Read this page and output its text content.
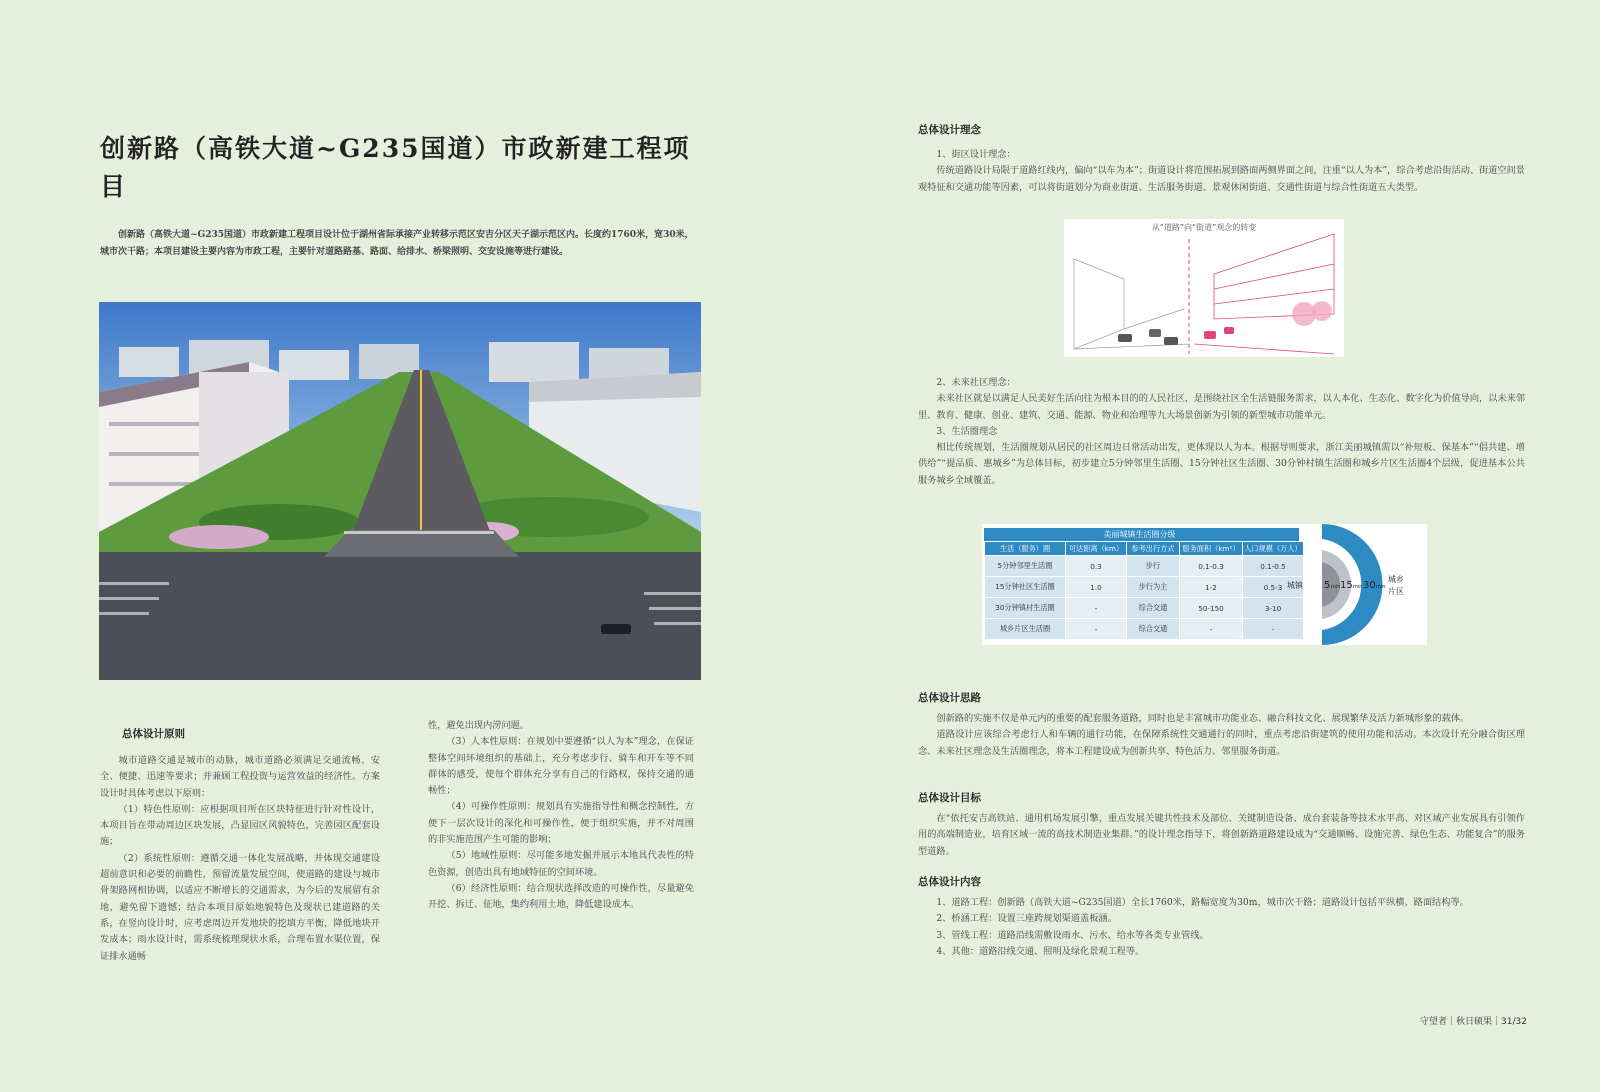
创新路（高铁大道~G235国道）市政新建工程项目
创新路（高铁大道~G235国道）市政新建工程项目设计位于湖州省际承接产业转移示范区安吉分区天子湖示范区内。长度约1760米，宽30米，城市次干路；本项目建设主要内容为市政工程，主要针对道路路基、路面、给排水、桥梁照明、交安设施等进行建设。
总体设计原则

城市道路交通是城市的动脉，城市道路必须满足交通流畅、安全、便捷、迅速等要求；并兼顾工程投资与运营效益的经济性。方案设计时具体考虑以下原则：

（1）特色性原则：应根据项目所在区块特征进行针对性设计，本项目旨在带动周边区块发展，凸显园区风貌特色，完善园区配套设施；

（2）系统性原则：遵循交通一体化发展战略，并体现交通建设超前意识和必要的前瞻性，预留流量发展空间，使道路的建设与城市骨架路网相协调，以适应不断增长的交通需求，为今后的发展留有余地，避免留下遗憾；结合本项目原始地貌特色及现状已建道路的关系，在竖向设计时，应考虑周边开发地块的挖填方平衡，降低地块开发成本；雨水设计时，需系统梳理现状水系，合理布置水渠位置，保证排水通畅

性，避免出现内涝问题。

（3）人本性原则：在规划中要遵循“以人为本”理念，在保证整体空间环境组织的基础上，充分考虑步行、骑车和开车等不同群体的感受，使每个群体充分享有自己的行路权，保持交通的通畅性；

（4）可操作性原则：规划具有实施指导性和概念控制性，方便下一层次设计的深化和可操作性，便于组织实施，并不对周围的非实施范围产生可能的影响；

（5）地域性原则：尽可能多地发掘并展示本地具代表性的特色资源，创造出具有地域特征的空间环境。

（6）经济性原则：结合现状选择改造的可操作性，尽量避免开挖、拆迁、征地，集约利用土地，降低建设成本。

总体设计理念

1、街区设计理念：

传统道路设计局限于道路红线内，偏向“以车为本”；街道设计将范围拓展到路面两侧界面之间，注重“以人为本”，综合考虑沿街活动、街道空间景观特征和交通功能等因素，可以将街道划分为商业街道、生活服务街道、景观休闲街道、交通性街道与综合性街道五大类型。

从“道路”向“街道”观念的转变

2、未来社区理念：

未来社区就是以满足人民美好生活向往为根本目的的人民社区，是围绕社区全生活链服务需求，以人本化、生态化、数字化为价值导向，以未来邻里、教育、健康、创业、建筑、交通、能源、物业和治理等九大场景创新为引领的新型城市功能单元。

3、生活圈理念

相比传统规划，生活圈规划从居民的社区周边日常活动出发，更体现以人为本。根据导则要求，浙江美丽城镇需以“补短板、保基本”“倡共建、增供给”“提品质、惠城乡”为总体目标，初步建立5分钟邻里生活圈、15分钟社区生活圈、30分钟村镇生活圈和城乡片区生活圈4个层级，促进基本公共服务城乡全域覆盖。

美丽城镇生活圈分级
生活（服务）圈	可达距离（km）	参考出行方式	服务面积（km²）	人口规模（万人）
5分钟邻里生活圈	0.3	步行	0.1-0.3	0.1-0.5
15分钟社区生活圈	1.0	步行为主	1-2	0.5-3
30分钟镇村生活圈	-	综合交通	50-150	3-10
城乡片区生活圈	-	综合交通	-	-
城镇 5 min 15 min 30 min
城乡
片区
总体设计思路

创新路的实施不仅是单元内的重要的配套服务道路，同时也是丰富城市功能业态、融合科技文化、展现繁华及活力新城形象的载体。

道路设计应该综合考虑行人和车辆的通行功能，在保障系统性交通通行的同时，重点考虑沿街建筑的使用功能和活动。本次设计充分融合街区理念、未来社区理念及生活圈理念，将本工程建设成为创新共享、特色活力、邻里服务街道。

总体设计目标

在“依托安吉高铁站、通用机场发展引擎，重点发展关键共性技术及部位、关键制造设备、成台套装备等技术水平高、对区域产业发展具有引领作用的高端制造业，培育区域一流的高技术制造业集群。”的设计理念指导下，将创新路道路建设成为“交通顺畅、设施完善、绿色生态、功能复合”的服务型道路。

总体设计内容

1、道路工程：创新路（高铁大道~G235国道）全长1760米，路幅宽度为30m，城市次干路；道路设计包括平纵横、路面结构等。

2、桥涵工程：设置三座跨规划渠道盖板涵。

3、管线工程：道路沿线需敷设雨水、污水、给水等各类专业管线。

4、其他：道路沿线交通、照明及绿化景观工程等。

守望者｜秋日硕果｜31/32
